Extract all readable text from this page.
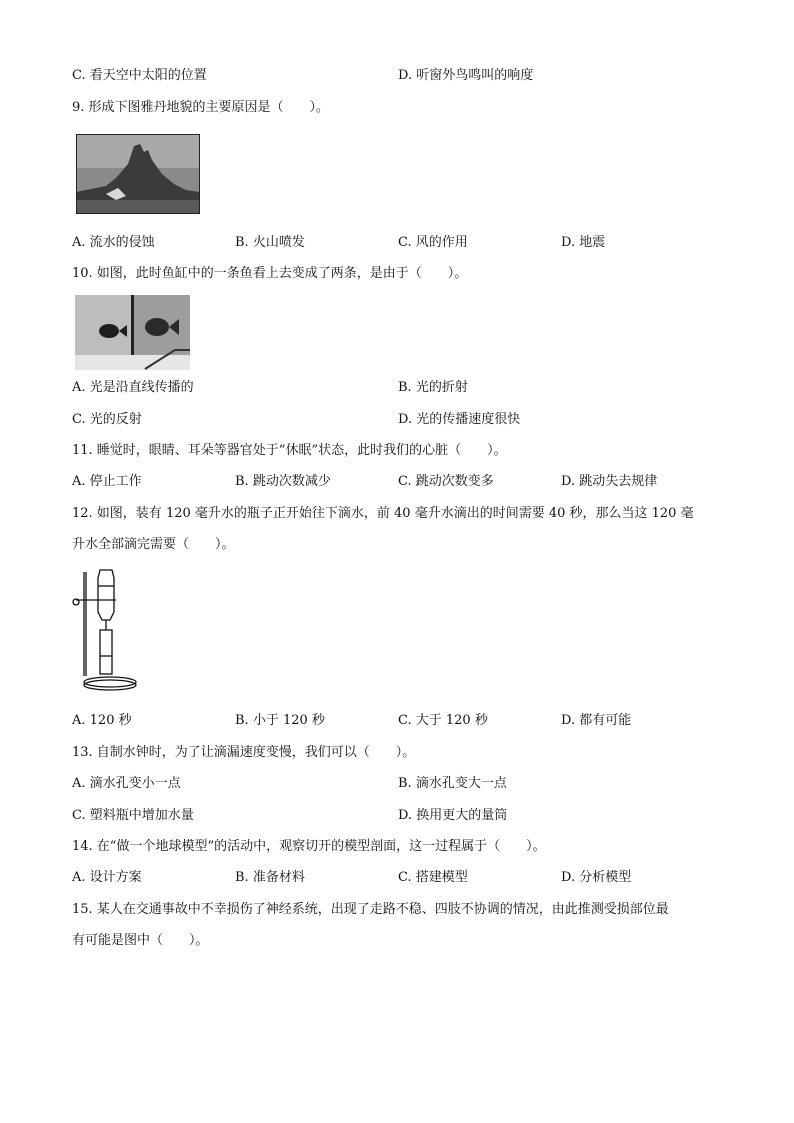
C. 看天空中太阳的位置	D. 听窗外鸟鸣叫的响度
9. 形成下图雅丹地貌的主要原因是（　　）。
A. 流水的侵蚀	B. 火山喷发	C. 风的作用	D. 地震
10. 如图，此时鱼缸中的一条鱼看上去变成了两条，是由于（　　）。
A. 光是沿直线传播的	B. 光的折射
C. 光的反射	D. 光的传播速度很快
11. 睡觉时，眼睛、耳朵等器官处于“休眠”状态，此时我们的心脏（　　）。
A. 停止工作	B. 跳动次数减少	C. 跳动次数变多	D. 跳动失去规律
12. 如图，装有 120 毫升水的瓶子正开始往下滴水，前 40 毫升水滴出的时间需要 40 秒，那么当这 120 毫
升水全部滴完需要（　　）。
A. 120 秒	B. 小于 120 秒	C. 大于 120 秒	D. 都有可能
13. 自制水钟时，为了让滴漏速度变慢，我们可以（　　）。
A. 滴水孔变小一点	B. 滴水孔变大一点
C. 塑料瓶中增加水量	D. 换用更大的量筒
14. 在“做一个地球模型”的活动中，观察切开的模型剖面，这一过程属于（　　）。
A. 设计方案	B. 准备材料	C. 搭建模型	D. 分析模型
15. 某人在交通事故中不幸损伤了神经系统，出现了走路不稳、四肢不协调的情况，由此推测受损部位最
有可能是图中（　　）。
